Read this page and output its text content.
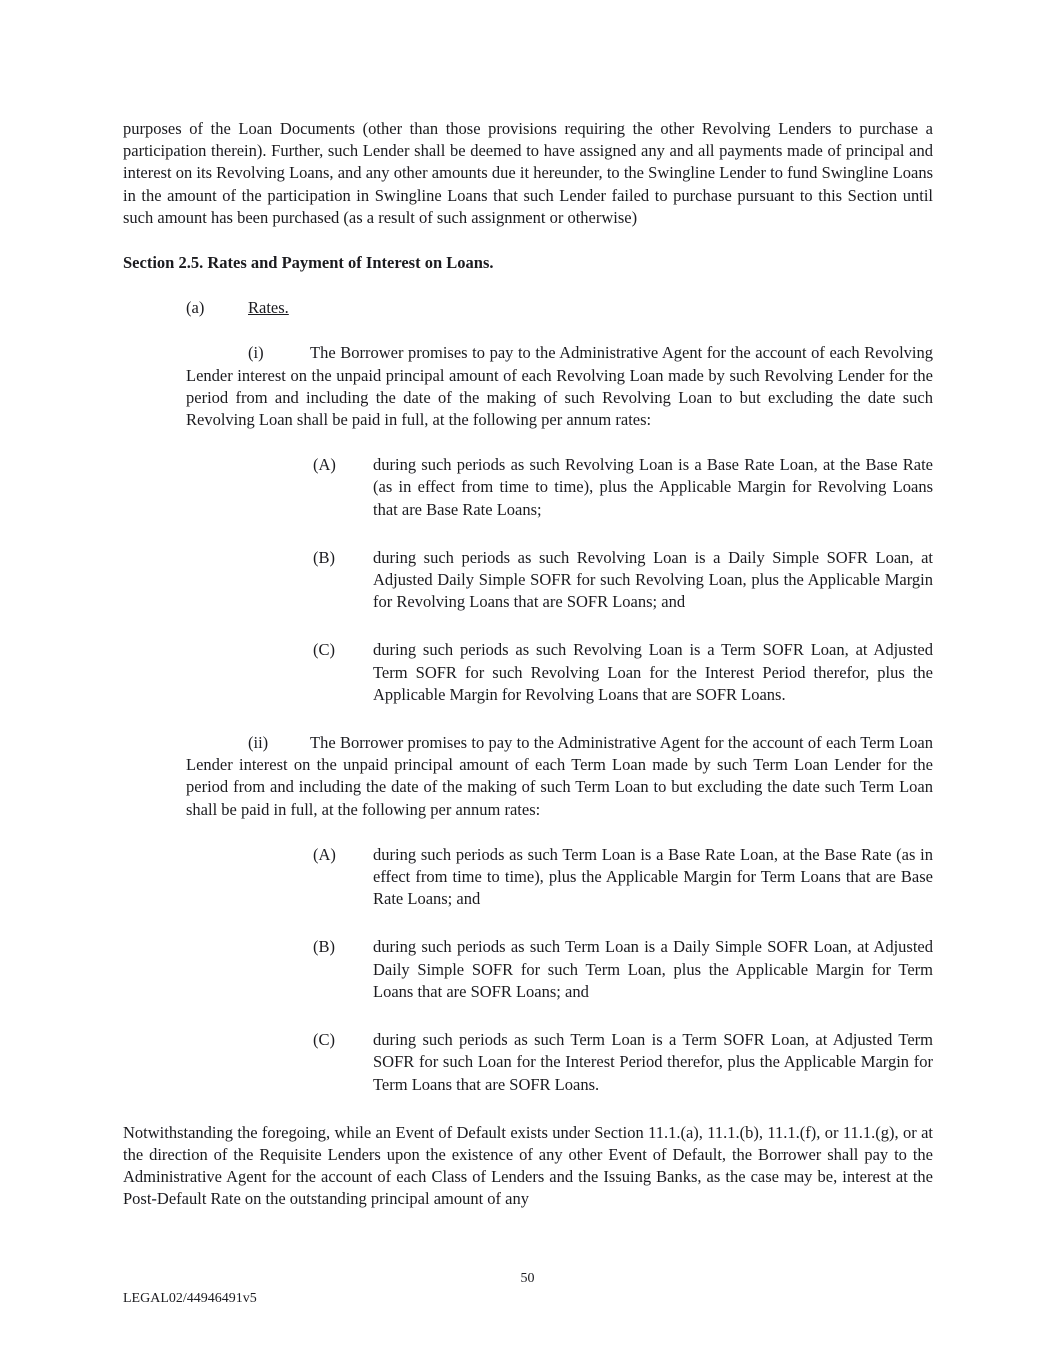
purposes of the Loan Documents (other than those provisions requiring the other Revolving Lenders to purchase a participation therein). Further, such Lender shall be deemed to have assigned any and all payments made of principal and interest on its Revolving Loans, and any other amounts due it hereunder, to the Swingline Lender to fund Swingline Loans in the amount of the participation in Swingline Loans that such Lender failed to purchase pursuant to this Section until such amount has been purchased (as a result of such assignment or otherwise)

Section 2.5. Rates and Payment of Interest on Loans.

(a)	Rates.

(i)	The Borrower promises to pay to the Administrative Agent for the account of each Revolving Lender interest on the unpaid principal amount of each Revolving Loan made by such Revolving Lender for the period from and including the date of the making of such Revolving Loan to but excluding the date such Revolving Loan shall be paid in full, at the following per annum rates:

(A)	during such periods as such Revolving Loan is a Base Rate Loan, at the Base Rate (as in effect from time to time), plus the Applicable Margin for Revolving Loans that are Base Rate Loans;
(B)	during such periods as such Revolving Loan is a Daily Simple SOFR Loan, at Adjusted Daily Simple SOFR for such Revolving Loan, plus the Applicable Margin for Revolving Loans that are SOFR Loans; and
(C)	during such periods as such Revolving Loan is a Term SOFR Loan, at Adjusted Term SOFR for such Revolving Loan for the Interest Period therefor, plus the Applicable Margin for Revolving Loans that are SOFR Loans.

(ii)	The Borrower promises to pay to the Administrative Agent for the account of each Term Loan Lender interest on the unpaid principal amount of each Term Loan made by such Term Loan Lender for the period from and including the date of the making of such Term Loan to but excluding the date such Term Loan shall be paid in full, at the following per annum rates:

(A)	during such periods as such Term Loan is a Base Rate Loan, at the Base Rate (as in effect from time to time), plus the Applicable Margin for Term Loans that are Base Rate Loans; and
(B)	during such periods as such Term Loan is a Daily Simple SOFR Loan, at Adjusted Daily Simple SOFR for such Term Loan, plus the Applicable Margin for Term Loans that are SOFR Loans; and
(C)	during such periods as such Term Loan is a Term SOFR Loan, at Adjusted Term SOFR for such Loan for the Interest Period therefor, plus the Applicable Margin for Term Loans that are SOFR Loans.

Notwithstanding the foregoing, while an Event of Default exists under Section 11.1.(a), 11.1.(b), 11.1.(f), or 11.1.(g), or at the direction of the Requisite Lenders upon the existence of any other Event of Default, the Borrower shall pay to the Administrative Agent for the account of each Class of Lenders and the Issuing Banks, as the case may be, interest at the Post-Default Rate on the outstanding principal amount of any

50
LEGAL02/44946491v5
